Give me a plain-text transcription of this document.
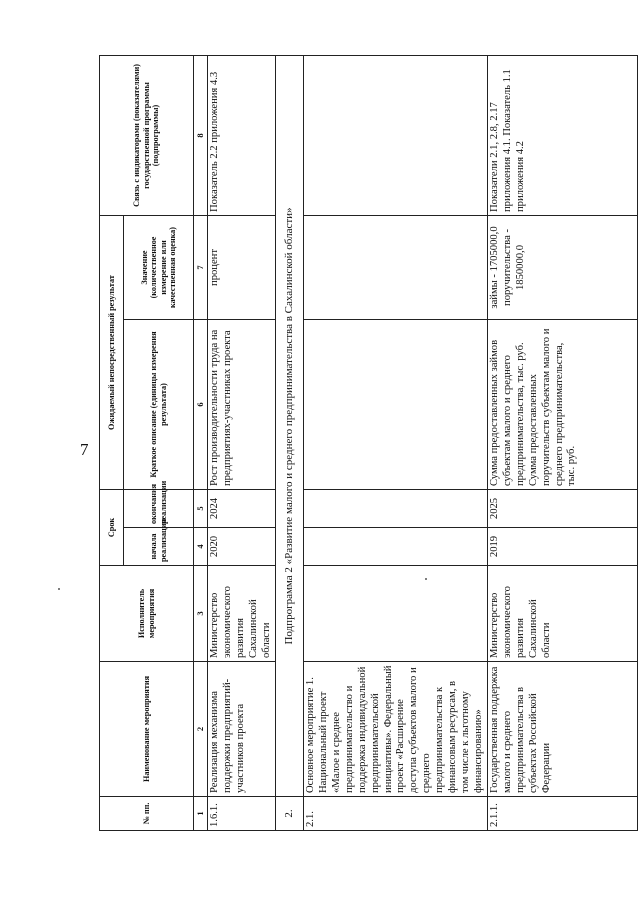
7
№ пп.	Наименование мероприятия	Исполнитель мероприятия	Срок		Ожидаемый непосредственный результат		Связь с индикаторами (показателями) государственной программы (подпрограммы)
			начала реализации	окончания реализации	Краткое описание (единицы измерения результата)	Значение (количественное измерение или качественная оценка)	
1	2	3	4	5	6	7	8
1.6.1.	Реализация механизма поддержки предприятий-участников проекта	Министерство экономического развития Сахалинской области	2020	2024	Рост производительности труда на предприятиях-участниках проекта	процент	Показатель 2.2 приложения 4.3
2.	Подпрограмма 2 «Развитие малого и среднего предпринимательства в Сахалинской области»						
2.1.	Основное мероприятие 1. Национальный проект «Малое и среднее предпринимательство и поддержка индивидуальной предпринимательской инициативы». Федеральный проект «Расширение доступа субъектов малого и среднего предпринимательства к финансовым ресурсам, в том числе к льготному финансированию»						
2.1.1.	Государственная поддержка малого и среднего предпринимательства в субъектах Российской Федерации	Министерство экономического развития Сахалинской области	2019	2025	Сумма предоставленных займов субъектам малого и среднего предпринимательства, тыс. руб. Сумма предоставленных поручительств субъектам малого и среднего предпринимательства, тыс. руб.	займы - 1705000,0 поручительства - 1850000,0	Показатели 2.1, 2.8, 2.17 приложения 4.1. Показатель 1.1 приложения 4.2
